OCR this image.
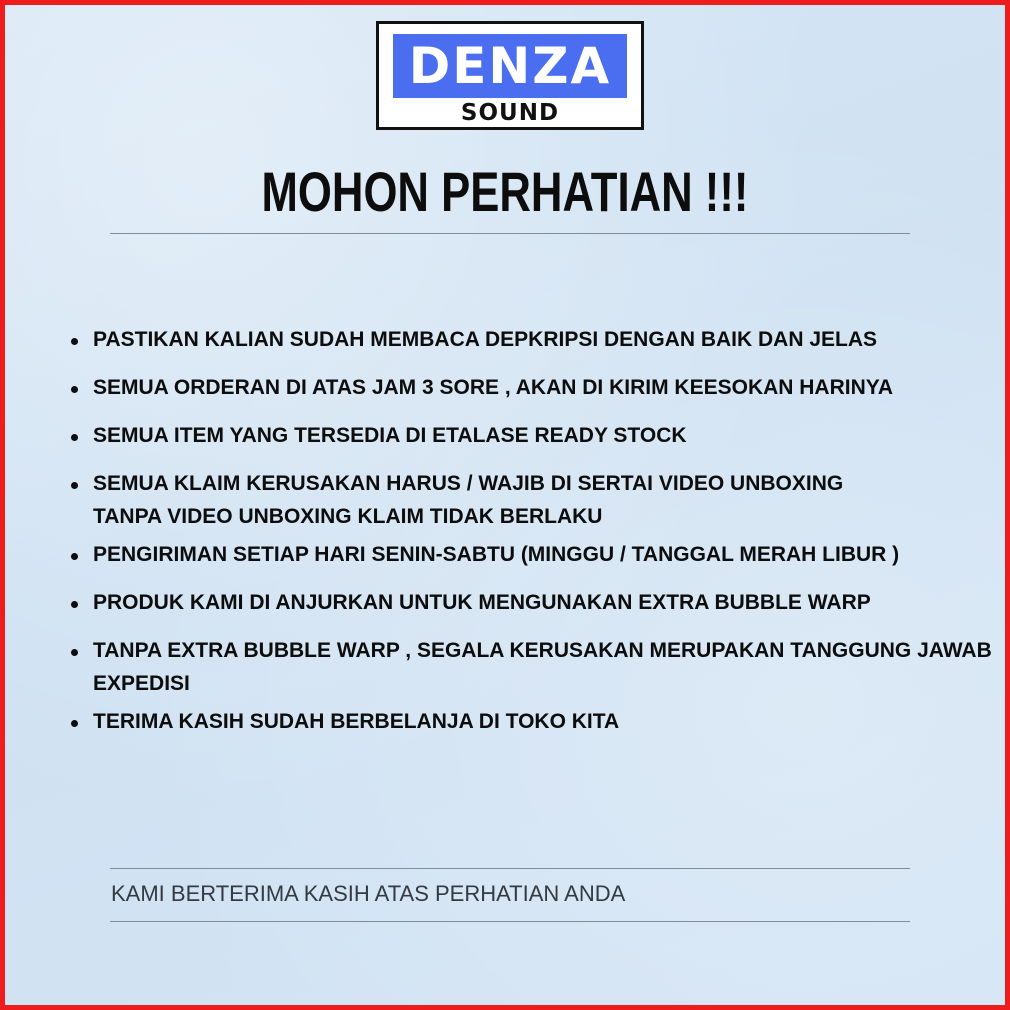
DENZA
SOUND
MOHON PERHATIAN !!!
PASTIKAN KALIAN SUDAH MEMBACA DEPKRIPSI DENGAN BAIK DAN JELAS
SEMUA ORDERAN DI ATAS JAM 3 SORE , AKAN DI KIRIM KEESOKAN HARINYA
SEMUA ITEM YANG TERSEDIA DI ETALASE READY STOCK
SEMUA KLAIM KERUSAKAN HARUS / WAJIB DI SERTAI VIDEO UNBOXING
TANPA VIDEO UNBOXING KLAIM TIDAK BERLAKU
PENGIRIMAN SETIAP HARI SENIN-SABTU (MINGGU / TANGGAL MERAH LIBUR )
PRODUK KAMI DI ANJURKAN UNTUK MENGUNAKAN EXTRA BUBBLE WARP
TANPA EXTRA BUBBLE WARP , SEGALA KERUSAKAN MERUPAKAN TANGGUNG JAWAB
EXPEDISI
TERIMA KASIH SUDAH BERBELANJA DI TOKO KITA
KAMI BERTERIMA KASIH ATAS PERHATIAN ANDA
